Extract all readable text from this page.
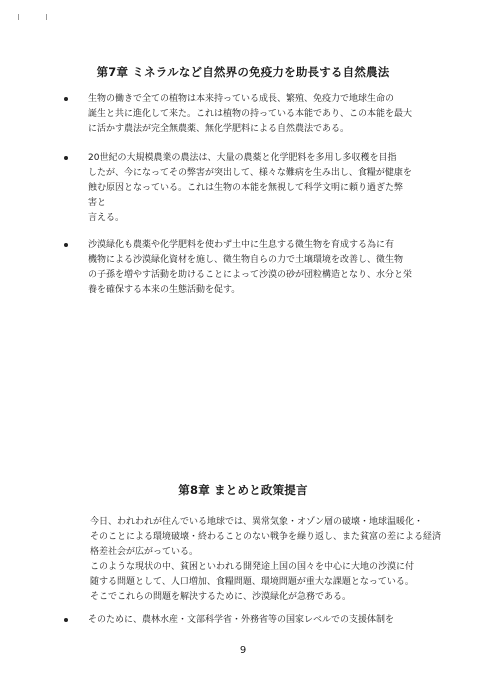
第7章 ミネラルなど自然界の免疫力を助長する自然農法
生物の働きで全ての植物は本来持っている成長、繁殖、免疫力で地球生命の
誕生と共に進化して来た。これは植物の持っている本能であり、この本能を最大
に活かす農法が完全無農薬、無化学肥料による自然農法である。
20世紀の大規模農業の農法は、大量の農薬と化学肥料を多用し多収穫を目指
したが、今になってその弊害が突出して、様々な難病を生み出し、食糧が健康を
蝕む原因となっている。これは生物の本能を無視して科学文明に頼り過ぎた弊
害と
言える。
沙漠緑化も農薬や化学肥料を使わず土中に生息する微生物を育成する為に有
機物による沙漠緑化資材を施し、微生物自らの力で土壌環境を改善し、微生物
の子孫を増やす活動を助けることによって沙漠の砂が団粒構造となり、水分と栄
養を確保する本来の生態活動を促す。
第8章 まとめと政策提言
今日、われわれが住んでいる地球では、異常気象・オゾン層の破壊・地球温暖化・
そのことによる環境破壊・終わることのない戦争を繰り返し、また貧富の差による経済
格差社会が広がっている。
このような現状の中、貧困といわれる開発途上国の国々を中心に大地の沙漠に付
随する問題として、人口増加、食糧問題、環境問題が重大な課題となっている。
そこでこれらの問題を解決するために、沙漠緑化が急務である。
そのために、農林水産・文部科学省・外務省等の国家レベルでの支援体制を
9
